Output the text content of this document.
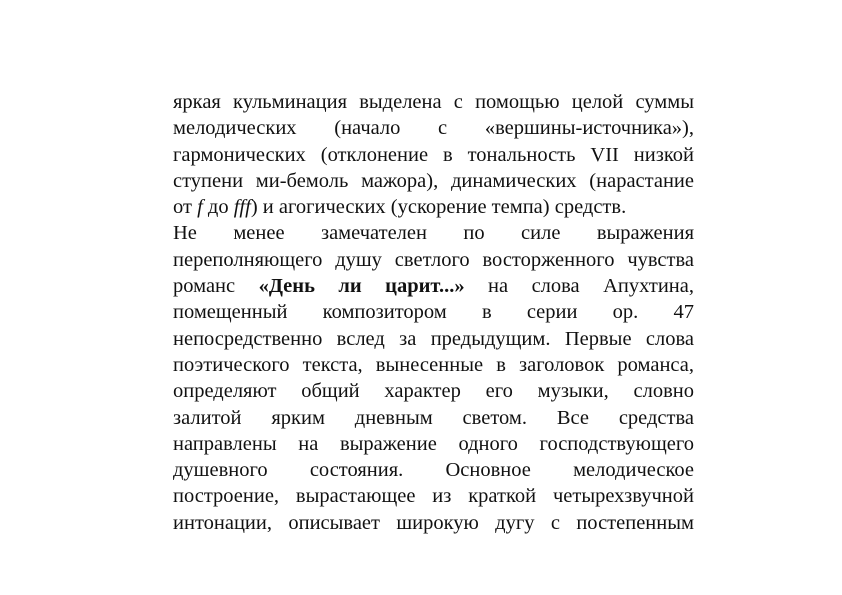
яркая кульминация выделена с помощью целой суммы
мелодических (начало с «вершины-источника»),
гармонических (отклонение в тональность VII низкой
ступени ми-бемоль мажора), динамических (нарастание
от f до fff) и агогических (ускорение темпа) средств.
Не менее замечателен по силе выражения
переполняющего душу светлого восторженного чувства
романс «День ли царит...» на слова Апухтина,
помещенный композитором в серии ор. 47
непосредственно вслед за предыдущим. Первые слова
поэтического текста, вынесенные в заголовок романса,
определяют общий характер его музыки, словно
залитой ярким дневным светом. Все средства
направлены на выражение одного господствующего
душевного состояния. Основное мелодическое
построение, вырастающее из краткой четырехзвучной
интонации, описывает широкую дугу с постепенным
